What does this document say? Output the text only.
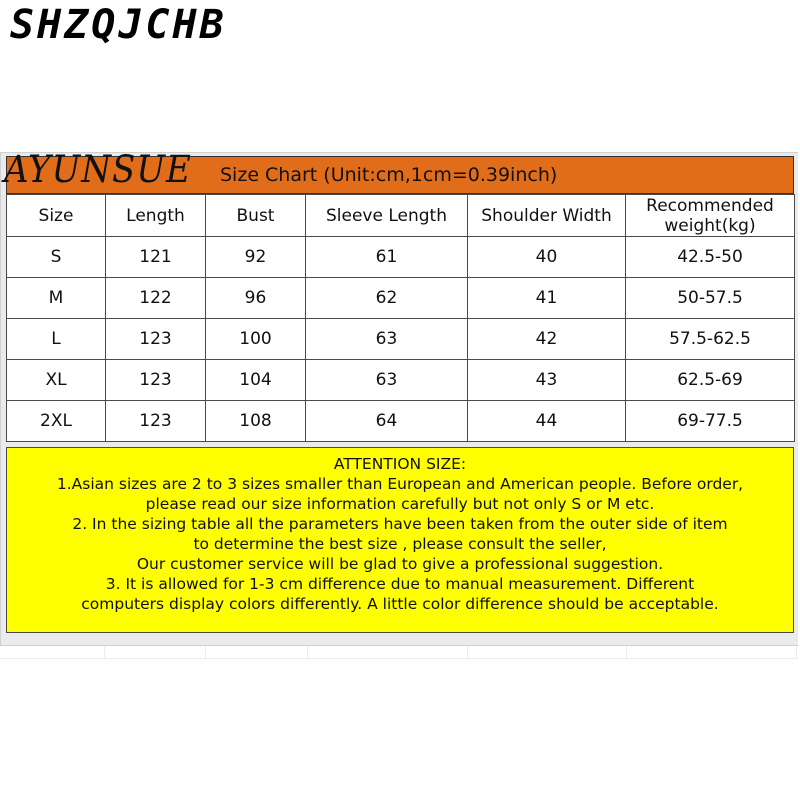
SHZQJCHB
AYUNSUE Size Chart (Unit:cm,1cm=0.39inch)
Size	Length	Bust	Sleeve Length	Shoulder Width	Recommended weight(kg)
S	121	92	61	40	42.5-50
M	122	96	62	41	50-57.5
L	123	100	63	42	57.5-62.5
XL	123	104	63	43	62.5-69
2XL	123	108	64	44	69-77.5
ATTENTION SIZE:
1.Asian sizes are 2 to 3 sizes smaller than European and American people. Before order,
please read our size information carefully but not only S or M etc.
2. In the sizing table all the parameters have been taken from the outer side of item
to determine the best size , please consult the seller,
Our customer service will be glad to give a professional suggestion.
3. It is allowed for 1-3 cm difference due to manual measurement. Different
computers display colors differently. A little color difference should be acceptable.
